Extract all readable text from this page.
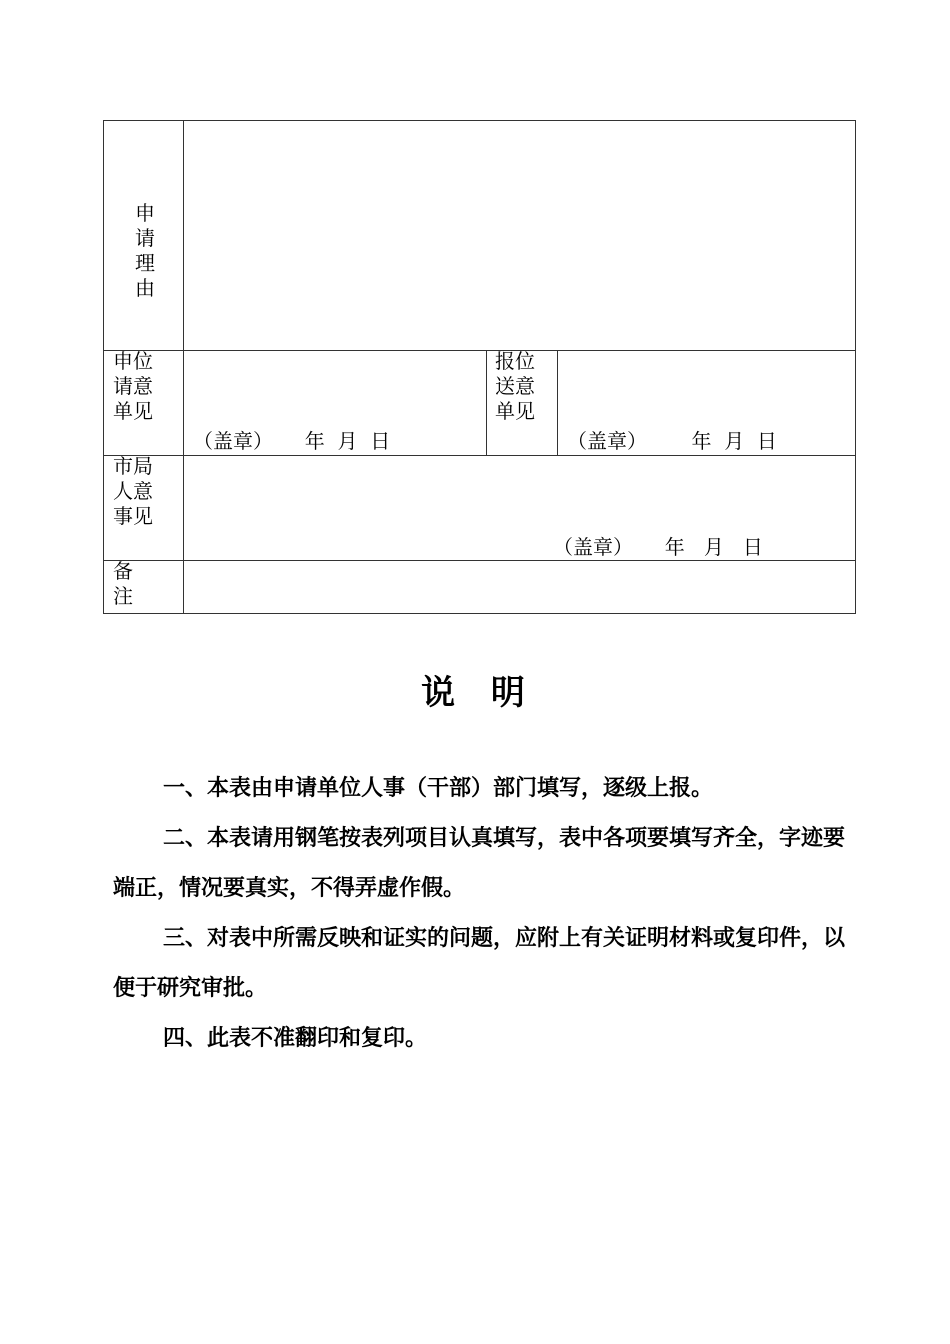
申请理由
申位
请意
单见
（盖章）     年  月  日
报位
送意
单见
（盖章）       年  月  日
市局
人意
事见
（盖章）     年   月   日
备
注
说  明

一、本表由申请单位人事（干部）部门填写，逐级上报。

二、本表请用钢笔按表列项目认真填写，表中各项要填写齐全，字迹要端正，情况要真实，不得弄虚作假。

三、对表中所需反映和证实的问题，应附上有关证明材料或复印件，以便于研究审批。

四、此表不准翻印和复印。
